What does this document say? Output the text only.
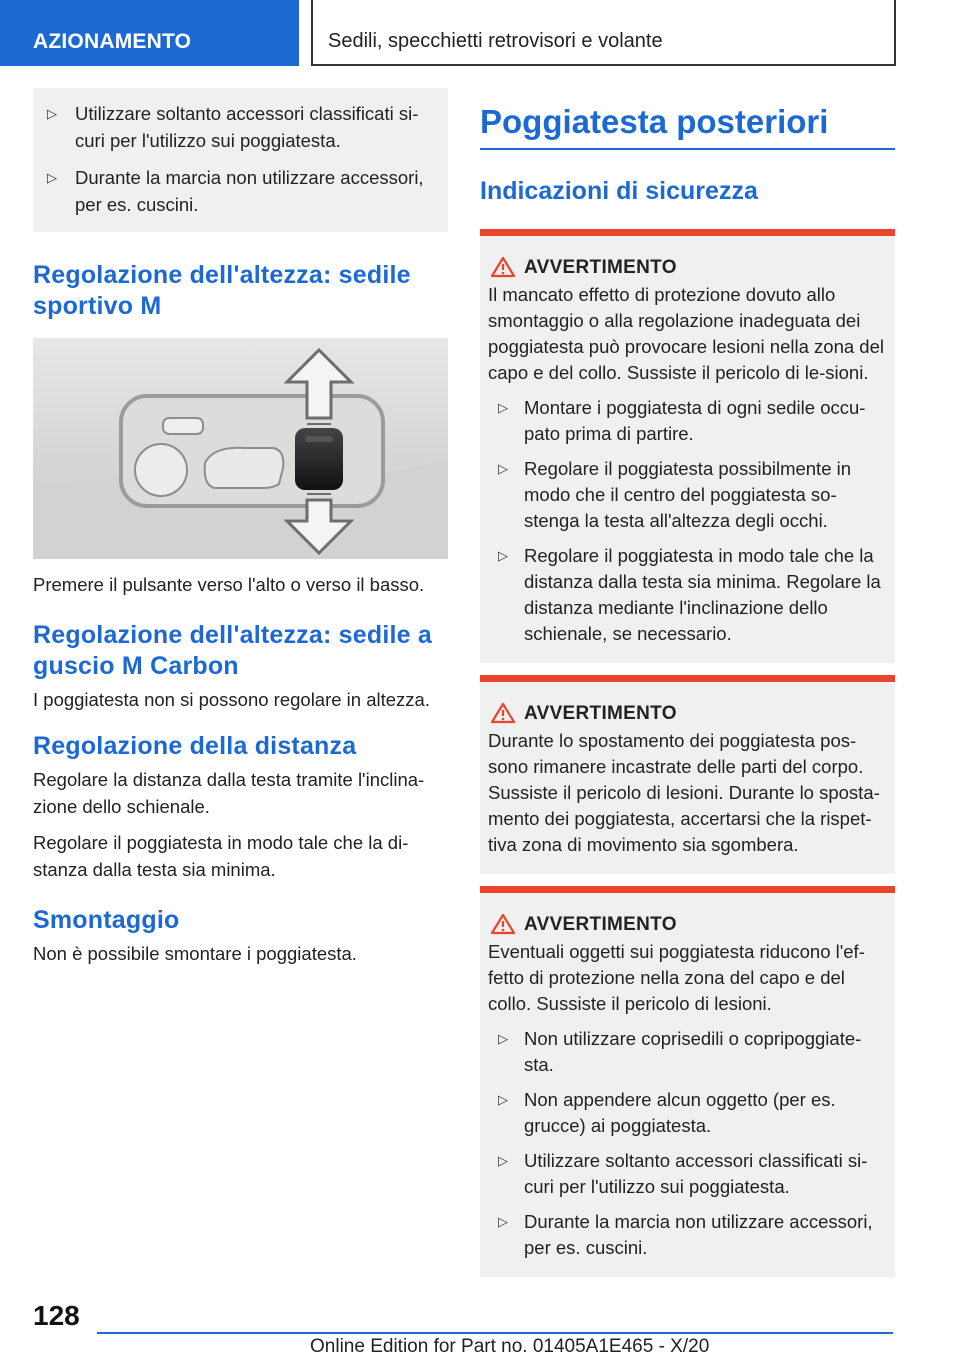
AZIONAMENTO	Sedili, specchietti retrovisori e volante
▷ Utilizzare soltanto accessori classificati si-curi per l'utilizzo sui poggiatesta.
▷ Durante la marcia non utilizzare accessori, per es. cuscini.
Regolazione dell'altezza: sedile sportivo M
Premere il pulsante verso l'alto o verso il basso.
Regolazione dell'altezza: sedile a guscio M Carbon
I poggiatesta non si possono regolare in altezza.
Regolazione della distanza
Regolare la distanza dalla testa tramite l'inclina-zione dello schienale.
Regolare il poggiatesta in modo tale che la di-stanza dalla testa sia minima.
Smontaggio
Non è possibile smontare i poggiatesta.
Poggiatesta posteriori
Indicazioni di sicurezza
AVVERTIMENTO
Il mancato effetto di protezione dovuto allo smontaggio o alla regolazione inadeguata dei poggiatesta può provocare lesioni nella zona del capo e del collo. Sussiste il pericolo di le-sioni.
▷ Montare i poggiatesta di ogni sedile occu-pato prima di partire.
▷ Regolare il poggiatesta possibilmente in modo che il centro del poggiatesta so-stenga la testa all'altezza degli occhi.
▷ Regolare il poggiatesta in modo tale che la distanza dalla testa sia minima. Regolare la distanza mediante l'inclinazione dello schienale, se necessario.
AVVERTIMENTO
Durante lo spostamento dei poggiatesta pos-sono rimanere incastrate delle parti del corpo. Sussiste il pericolo di lesioni. Durante lo sposta-mento dei poggiatesta, accertarsi che la rispet-tiva zona di movimento sia sgombera.
AVVERTIMENTO
Eventuali oggetti sui poggiatesta riducono l'ef-fetto di protezione nella zona del capo e del collo. Sussiste il pericolo di lesioni.
▷ Non utilizzare coprisedili o copripoggiate-sta.
▷ Non appendere alcun oggetto (per es. grucce) ai poggiatesta.
▷ Utilizzare soltanto accessori classificati si-curi per l'utilizzo sui poggiatesta.
▷ Durante la marcia non utilizzare accessori, per es. cuscini.
128
Online Edition for Part no. 01405A1E465 - X/20
